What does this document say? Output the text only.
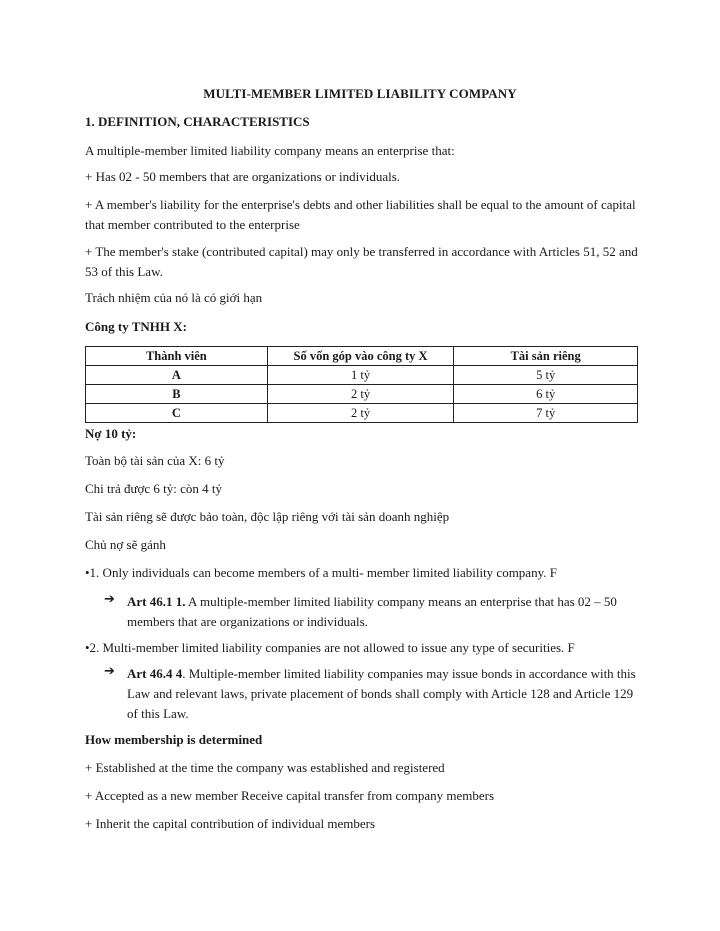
MULTI-MEMBER LIMITED LIABILITY COMPANY
1. DEFINITION, CHARACTERISTICS
A multiple-member limited liability company means an enterprise that:
+ Has 02 - 50 members that are organizations or individuals.
+ A member's liability for the enterprise's debts and other liabilities shall be equal to the amount of capital that member contributed to the enterprise
+ The member's stake (contributed capital) may only be transferred in accordance with Articles 51, 52 and 53 of this Law.
Trách nhiệm của nó là có giới hạn
Công ty TNHH X:
Thành viên	Số vốn góp vào công ty X	Tài sản riêng
A	1 tỷ	5 tỷ
B	2 tỷ	6 tỷ
C	2 tỷ	7 tỷ
Nợ 10 tỷ:
Toàn bộ tài sản của X: 6 tỷ
Chi trả được 6 tỷ: còn 4 tỷ
Tài sản riêng sẽ được bảo toàn, độc lập riêng với tài sản doanh nghiệp
Chủ nợ sẽ gánh
•1. Only individuals can become members of a multi- member limited liability company. F
➔ Art 46.1 1. A multiple-member limited liability company means an enterprise that has 02 – 50 members that are organizations or individuals.
•2. Multi-member limited liability companies are not allowed to issue any type of securities. F
➔ Art 46.4 4. Multiple-member limited liability companies may issue bonds in accordance with this Law and relevant laws, private placement of bonds shall comply with Article 128 and Article 129 of this Law.
How membership is determined
+ Established at the time the company was established and registered
+ Accepted as a new member Receive capital transfer from company members
+ Inherit the capital contribution of individual members
